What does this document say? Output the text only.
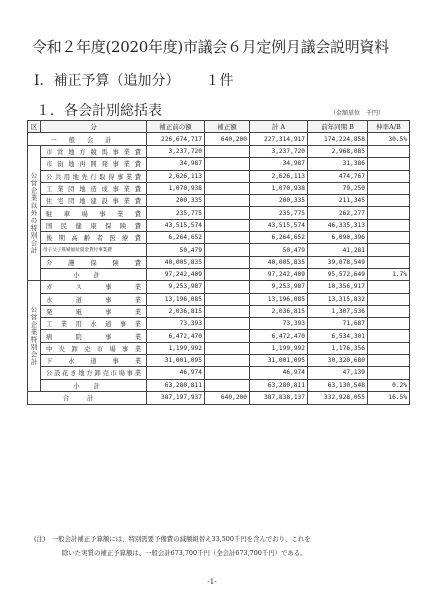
令和２年度(2020年度)市議会６月定例月議会説明資料
Ⅰ．補正予算（追加分） １件
１．各会計別総括表	（金額単位　千円）
区	分	補正前の額	補正額	計 A	前年同期 B	伸率A/B
一般会計		226,674,717	640,200	227,314,917	174,224,858	30.5%
公営企業以外の特別会計	市営地方競馬事業費	3,237,720		3,237,720	2,968,085	
	市街地再開発事業費	34,987		34,987	31,386	
	公共用地先行取得事業費	2,626,113		2,626,113	474,767	
	工業団地造成事業費	1,070,938		1,070,938	79,250	
	住宅団地建設事業費	200,335		200,335	211,345	
	駐車場事業費	235,775		235,775	262,277	
	国民健康保険費	43,515,574		43,515,574	46,335,313	
	後期高齢者医療費	6,264,652		6,264,652	6,090,396	
	母子父子寡婦福祉資金貸付事業費	50,479		50,479	41,281	
	介護保険費	40,005,835		40,005,835	39,078,549	
	小計	97,242,409		97,242,409	95,572,649	1.7%
公営企業特別会計	ガス事業	9,253,987		9,253,987	10,356,917	
	水道事業	13,196,085		13,196,085	13,315,832	
	発電事業	2,036,815		2,036,815	1,307,536	
	工業用水道事業	73,393		73,393	71,687	
	病院事業	6,472,470		6,472,470	6,534,301	
	中央卸売市場事業	1,199,992		1,199,992	1,176,356	
	下水道事業	31,001,095		31,001,095	30,320,680	
	公設花き地方卸売市場事業	46,974		46,974	47,139	
	小計	63,280,811		63,280,811	63,130,548	0.2%
合計		387,197,937	640,200	387,838,137	332,928,055	16.5%
(注)　一般会計補正予算額には、特別需要予備費の減額組替え33,500千円を含んでおり、これを
除いた実質の補正予算額は、一般会計673,700千円（全会計673,700千円）である。
-1-
